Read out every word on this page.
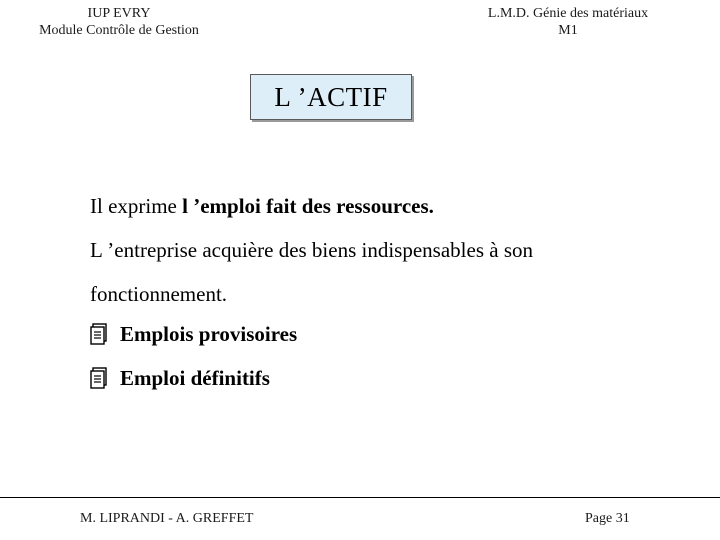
IUP EVRY
Module Contrôle de Gestion
L.M.D. Génie des matériaux
M1
L ’ACTIF
Il exprime l ’emploi fait des ressources.
L ’entreprise acquière des biens indispensables à son
fonctionnement.
Emplois provisoires
Emploi définitifs
M. LIPRANDI - A. GREFFET	Page 31
